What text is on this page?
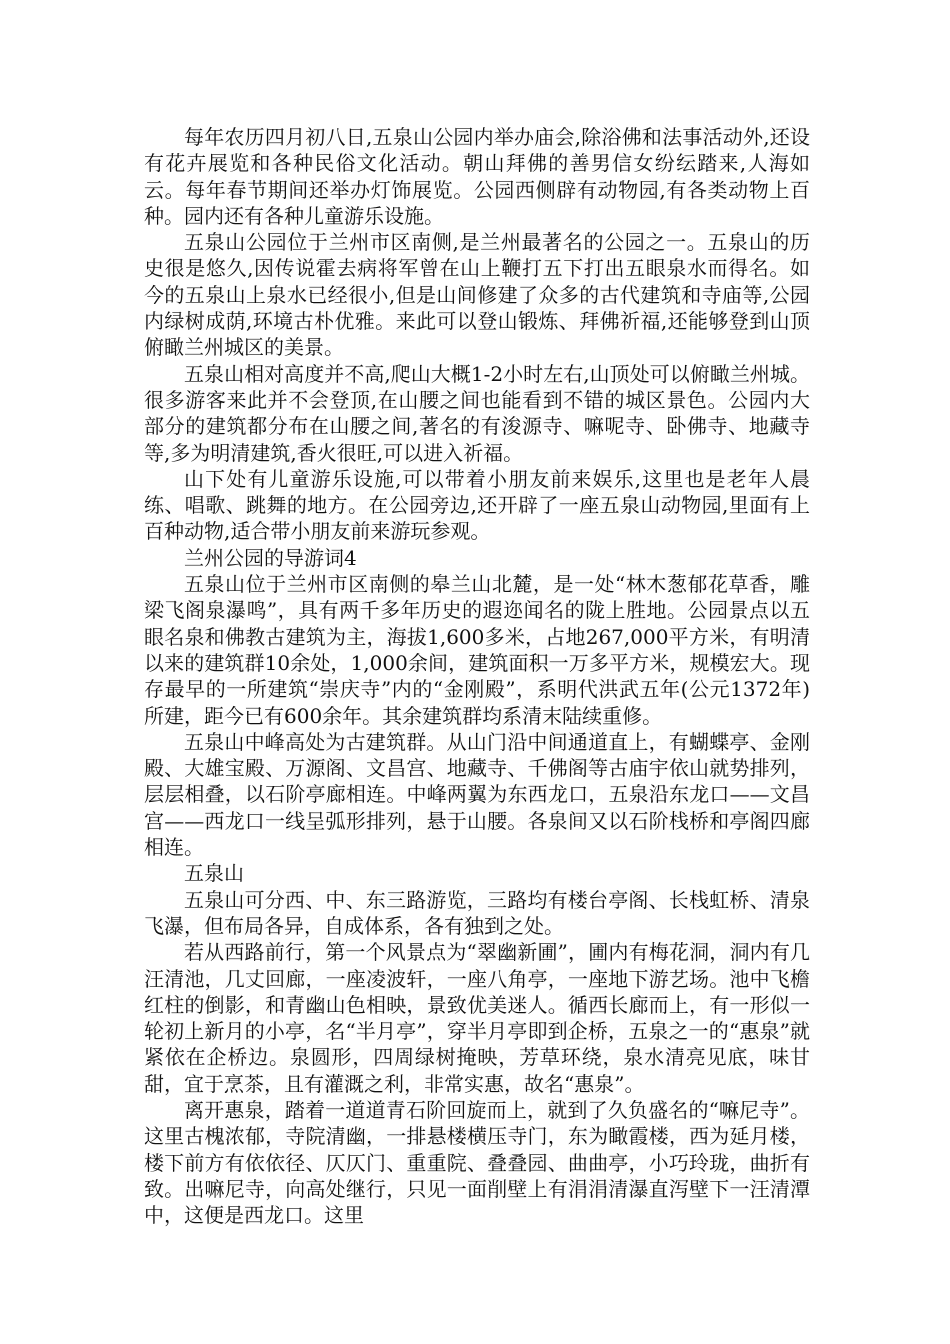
每年农历四月初八日,五泉山公园内举办庙会,除浴佛和法事活动外,还设有花卉展览和各种民俗文化活动。朝山拜佛的善男信女纷纭踏来,人海如云。每年春节期间还举办灯饰展览。公园西侧辟有动物园,有各类动物上百种。园内还有各种儿童游乐设施。

五泉山公园位于兰州市区南侧,是兰州最著名的公园之一。五泉山的历史很是悠久,因传说霍去病将军曾在山上鞭打五下打出五眼泉水而得名。如今的五泉山上泉水已经很小,但是山间修建了众多的古代建筑和寺庙等,公园内绿树成荫,环境古朴优雅。来此可以登山锻炼、拜佛祈福,还能够登到山顶俯瞰兰州城区的美景。

五泉山相对高度并不高,爬山大概1-2小时左右,山顶处可以俯瞰兰州城。很多游客来此并不会登顶,在山腰之间也能看到不错的城区景色。公园内大部分的建筑都分布在山腰之间,著名的有浚源寺、嘛呢寺、卧佛寺、地藏寺等,多为明清建筑,香火很旺,可以进入祈福。

山下处有儿童游乐设施,可以带着小朋友前来娱乐,这里也是老年人晨练、唱歌、跳舞的地方。在公园旁边,还开辟了一座五泉山动物园,里面有上百种动物,适合带小朋友前来游玩参观。

兰州公园的导游词4

五泉山位于兰州市区南侧的皋兰山北麓，是一处“林木葱郁花草香，雕梁飞阁泉瀑鸣”，具有两千多年历史的遐迩闻名的陇上胜地。公园景点以五眼名泉和佛教古建筑为主，海拔1,600多米，占地267,000平方米，有明清以来的建筑群10余处，1,000余间，建筑面积一万多平方米，规模宏大。现存最早的一所建筑“崇庆寺”内的“金刚殿”，系明代洪武五年(公元1372年)所建，距今已有600余年。其余建筑群均系清末陆续重修。

五泉山中峰高处为古建筑群。从山门沿中间通道直上，有蝴蝶亭、金刚殿、大雄宝殿、万源阁、文昌宫、地藏寺、千佛阁等古庙宇依山就势排列，层层相叠，以石阶亭廊相连。中峰两翼为东西龙口，五泉沿东龙口——文昌宫——西龙口一线呈弧形排列，悬于山腰。各泉间又以石阶栈桥和亭阁四廊相连。

五泉山

五泉山可分西、中、东三路游览，三路均有楼台亭阁、长栈虹桥、清泉飞瀑，但布局各异，自成体系，各有独到之处。

若从西路前行，第一个风景点为“翠幽新圃”，圃内有梅花洞，洞内有几汪清池，几丈回廊，一座凌波轩，一座八角亭，一座地下游艺场。池中飞檐红柱的倒影，和青幽山色相映，景致优美迷人。循西长廊而上，有一形似一轮初上新月的小亭，名“半月亭”，穿半月亭即到企桥，五泉之一的“惠泉”就紧依在企桥边。泉圆形，四周绿树掩映，芳草环绕，泉水清亮见底，味甘甜，宜于烹茶，且有灌溉之利，非常实惠，故名“惠泉”。

离开惠泉，踏着一道道青石阶回旋而上，就到了久负盛名的“嘛尼寺”。这里古槐浓郁，寺院清幽，一排悬楼横压寺门，东为瞰霞楼，西为延月楼，楼下前方有依依径、仄仄门、重重院、叠叠园、曲曲亭，小巧玲珑，曲折有致。出嘛尼寺，向高处继行，只见一面削壁上有涓涓清瀑直泻壁下一汪清潭中，这便是西龙口。这里
